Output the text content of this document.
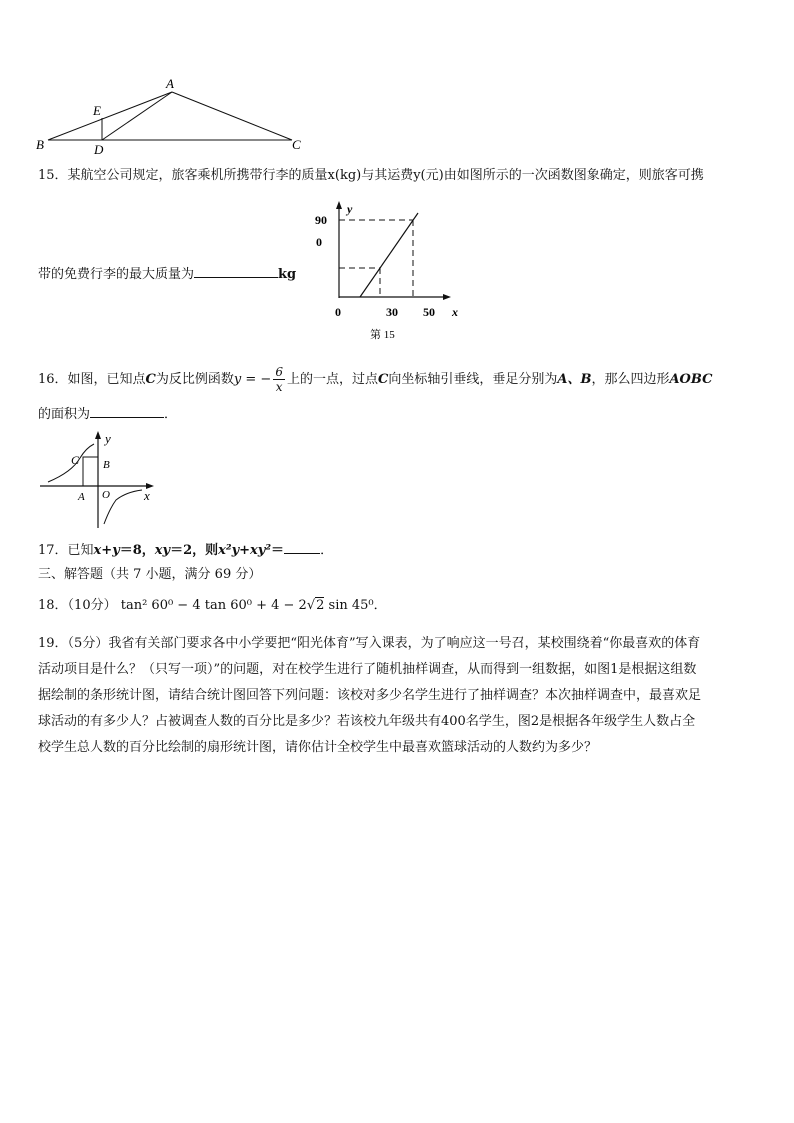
A
E
B	D	C
15．某航空公司规定，旅客乘机所携带行李的质量x(kg)与其运费y(元)由如图所示的一次函数图象确定，则旅客可携
带的免费行李的最大质量为	kg
y
90
0
0	30 50 x
第 15
16．如图，已知点C为反比例函数y = − $\frac{6}{x}$ 上的一点，过点C向坐标轴引垂线，垂足分别为A、B，那么四边形AOBC
的面积为	．
y
C B
A O	x
17．已知x+y＝8，xy＝2，则x²y+xy²＝	．
三、解答题（共 7 小题，满分 69 分）
18．（10分） tan² 60⁰ − 4 tan 60⁰ + 4 − 2√2 sin 45⁰．
19．（5分）我省有关部门要求各中小学要把“阳光体育”写入课表，为了响应这一号召，某校围绕着“你最喜欢的体育
活动项目是什么？（只写一项）”的问题，对在校学生进行了随机抽样调查，从而得到一组数据，如图1是根据这组数
据绘制的条形统计图，请结合统计图回答下列问题：该校对多少名学生进行了抽样调查？本次抽样调查中，最喜欢足
球活动的有多少人？占被调查人数的百分比是多少？若该校九年级共有400名学生，图2是根据各年级学生人数占全
校学生总人数的百分比绘制的扇形统计图，请你估计全校学生中最喜欢篮球活动的人数约为多少？
